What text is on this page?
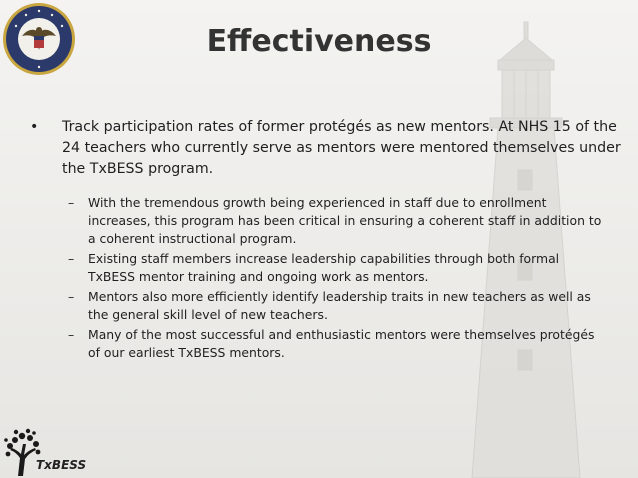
Effectiveness
• Track participation rates of former protégés as new mentors. At NHS 15 of the 24 teachers who currently serve as mentors were mentored themselves under the TxBESS program.
– With the tremendous growth being experienced in staff due to enrollment increases, this program has been critical in ensuring a coherent staff in addition to a coherent instructional program.
– Existing staff members increase leadership capabilities through both formal TxBESS mentor training and ongoing work as mentors.
– Mentors also more efficiently identify leadership traits in new teachers as well as the general skill level of new teachers.
– Many of the most successful and enthusiastic mentors were themselves protégés of our earliest TxBESS mentors.
TxBESS
